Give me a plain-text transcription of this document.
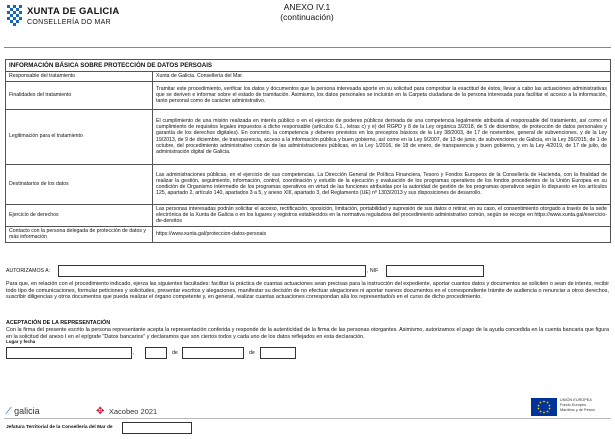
XUNTA DE GALICIA
CONSELLERÍA DO MAR
ANEXO IV.1
(continuación)
INFORMACIÓN BÁSICA SOBRE PROTECCIÓN DE DATOS PERSOAIS
Responsable del tratamiento	Xunta de Galicia. Consellería del Mar.
Finalidades del tratamiento	Tramitar este procedimiento, verificar los datos y documentos que la persona interesada aporte en su solicitud para comprobar la exactitud de éstos, llevar a cabo las actuaciones administrativas que se deriven e informar sobre el estado de tramitación. Asimismo, los datos personales se incluirán en la Carpeta ciudadana de la persona interesada para facilitar el acceso a la información, tanto personal como de carácter administrativo.
Legitimación para el tratamiento	El cumplimiento de una misión realizada en interés público o en el ejercicio de poderes públicos derivada de una competencia legalmente atribuida al responsable del tratamiento, así como el cumplimiento de requisitos legales impuestos a dicho responsable (artículos 6.1., letras c) y e) del RGPD y 8 de la Ley orgánica 3/2018, de 5 de diciembre, de protección de datos personales y garantía de los derechos digitales). En concreto, la competencia y deberes previstos en los preceptos básicos de la Ley 38/2003, de 17 de noviembre, general de subvenciones, y de la Ley 19/2013, de 9 de diciembre, de transparencia, acceso a la información pública y buen gobierno, así como en la Ley 9/2007, de 13 de junio, de subvenciones de Galicia, en la Ley 39/2015, de 1 de octubre, del procedimiento administrativo común de las administraciones públicas, en la Ley 1/2016, de 18 de enero, de transparencia y buen gobierno, y en la Ley 4/2019, de 17 de julio, de administración digital de Galicia.
Destinatarios de los datos	Las administraciones públicas, en el ejercicio de sus competencias. La Dirección General de Política Financiera, Tesoro y Fondos Europeos de la Consellería de Hacienda, con la finalidad de realizar la gestión, seguimiento, información, control, coordinación y estudio de la ejecución y evaluación de los programas operativos de los fondos procedentes de la Unión Europea en su condición de Organismo intermedio de los programas operativos en virtud de las funciones atribuidas por la autoridad de gestión de los programas operativos según lo dispuesto en los artículos 125, apartado 2, artículo 140, apartados 3 a 5, y anexo XIII, apartado 3, del Reglamento (UE) nº 1303/2013 y sus disposiciones de desarrollo.
Ejercicio de derechos	Las personas interesadas podrán solicitar el acceso, rectificación, oposición, limitación, portabilidad y supresión de sus datos o retirar, en su caso, el consentimiento otorgado a través de la sede electrónica de la Xunta de Galicia o en los lugares y registros establecidos en la normativa reguladora del procedimiento administrativo común, según se recoge en https://www.xunta.gal/exercicio-de-dereitos
Contacto con la persona delegada de protección de datos y más información	https://www.xunta.gal/proteccion-datos-persoais
AUTORIZAMOS A:	, NIF
Para que, en relación con el procedimiento indicado, ejerza las siguientes facultades: facilitar la práctica de cuantas actuaciones sean precisas para la instrucción del expediente, aportar cuantos datos y documentos se soliciten o sean de interés, recibir todo tipo de comunicaciones, formular peticiones y solicitudes, presentar escritos y alegaciones, manifestar su decisión de no efectuar alegaciones ni aportar nuevos documentos en el correspondiente trámite de audiencia o renunciar a otros derechos, suscribir diligencias y otros documentos que pueda realizar el órgano competente y, en general, realizar cuantas actuaciones correspondan al/a los representado/s en el curso de dicho procedimiento.
ACEPTACIÓN DE LA REPRESENTACIÓN
Con la firma del presente escrito la persona representante acepta la representación conferida y responde de la autenticidad de la firma de las personas otorgantes. Asimismo, autorizamos el pago de la ayuda concedida en la cuenta bancaria que figura en la solicitud del anexo I en el epígrafe "Datos bancarios" y declaramos que son ciertos todos y cada uno de los datos reflejados en esta declaración.
Lugar y fecha
,	de	de
⁄ galicia	✥ Xacobeo 2021
UNIÓN EUROPEA
Fondo Europeo
Marítimo y de Pesca
Jefatura Territorial de la Consellería del Mar de
